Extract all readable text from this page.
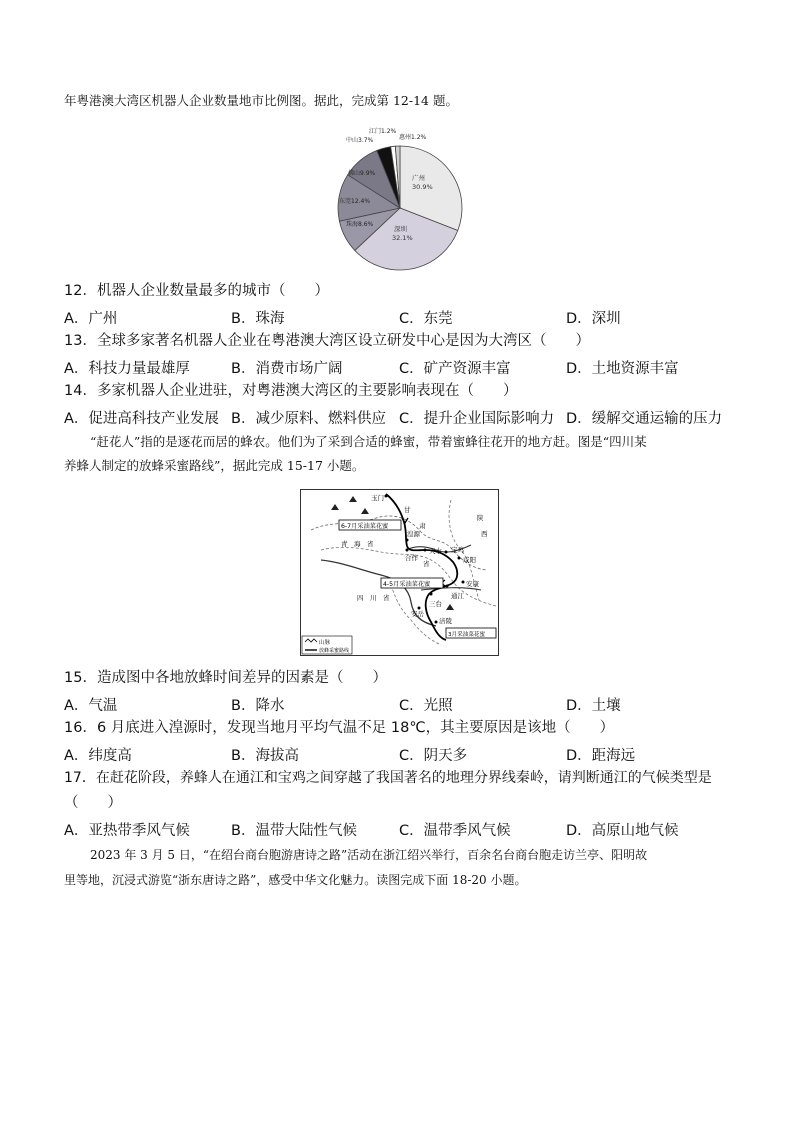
年粤港澳大湾区机器人企业数量地市比例图。据此，完成第 12-14 题。
广州
30.9%
深圳
32.1%
珠海8.6%
东莞12.4%
佛山9.9%
中山3.7%
江门1.2%
惠州1.2%
12．机器人企业数量最多的城市（　　）
A．广州	B．珠海	C．东莞	D．深圳
13．全球多家著名机器人企业在粤港澳大湾区设立研发中心是因为大湾区（　　）
A．科技力量最雄厚	B．消费市场广阔	C．矿产资源丰富	D．土地资源丰富
14．多家机器人企业进驻，对粤港澳大湾区的主要影响表现在（　　）
A．促进高科技产业发展 B．减少原料、燃料供应 C．提升企业国际影响力 D．缓解交通运输的压力
“赶花人”指的是逐花而居的蜂农。他们为了采到合适的蜂蜜，带着蜜蜂往花开的地方赶。图是“四川某
养蜂人制定的放蜂采蜜路线”，据此完成 15-17 小题。
6-7月采油菜花蜜
4-5月采油菜花蜜
3月采油菜花蜜
玉门
甘
青　海　省
肃
湟源
合作
天水 宝鸡
陕
西
咸阳
省
四　川　省	通江
安康
三台
安岳
涪陵
山脉
放蜂采蜜路线
15．造成图中各地放蜂时间差异的因素是（　　）
A．气温	B．降水	C．光照	D．土壤
16．6 月底进入湟源时，发现当地月平均气温不足 18℃，其主要原因是该地（　　）
A．纬度高	B．海拔高	C．阴天多	D．距海远
17．在赶花阶段，养蜂人在通江和宝鸡之间穿越了我国著名的地理分界线秦岭，请判断通江的气候类型是
（　　）
A．亚热带季风气候	B．温带大陆性气候	C．温带季风气候	D．高原山地气候
2023 年 3 月 5 日，“在绍台商台胞游唐诗之路”活动在浙江绍兴举行，百余名台商台胞走访兰亭、阳明故
里等地，沉浸式游览“浙东唐诗之路”，感受中华文化魅力。读图完成下面 18-20 小题。
